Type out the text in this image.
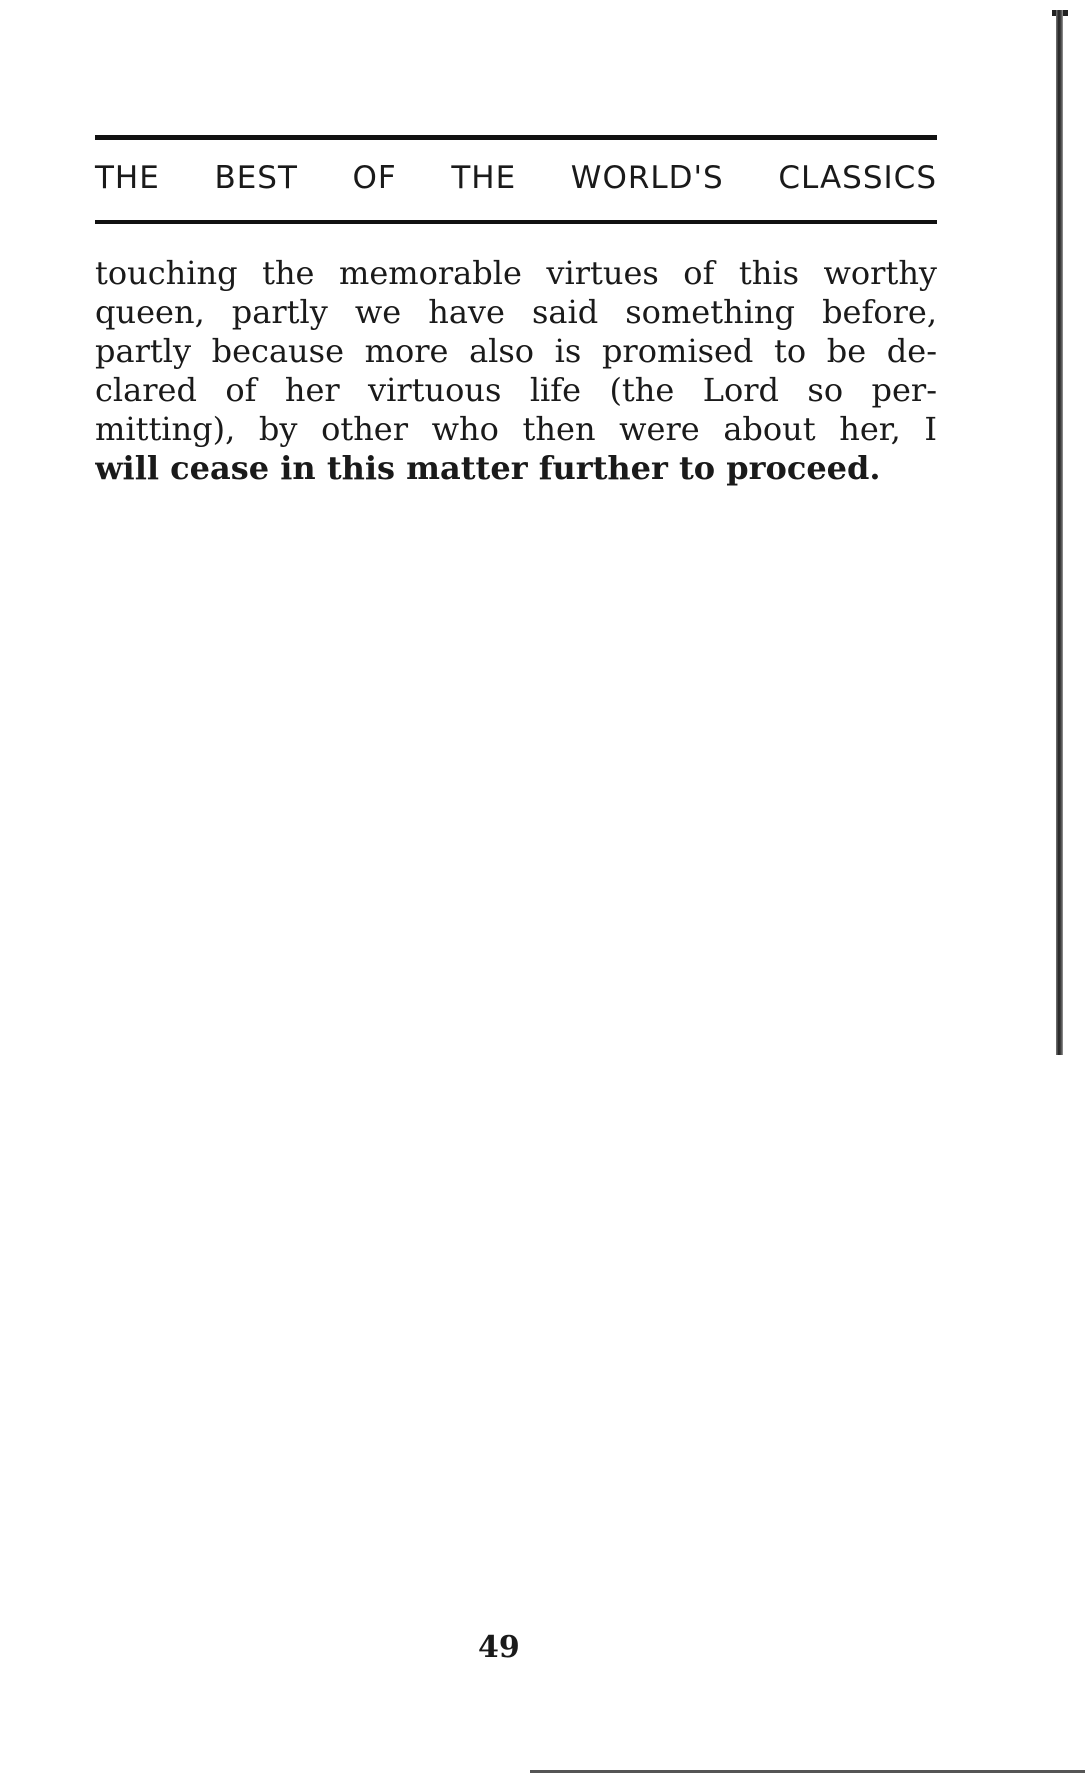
THE BEST OF THE WORLD'S CLASSICS
touching the memorable virtues of this worthy
queen, partly we have said something before,
partly because more also is promised to be de-
clared of her virtuous life (the Lord so per-
mitting), by other who then were about her, I
will cease in this matter further to proceed.
49
